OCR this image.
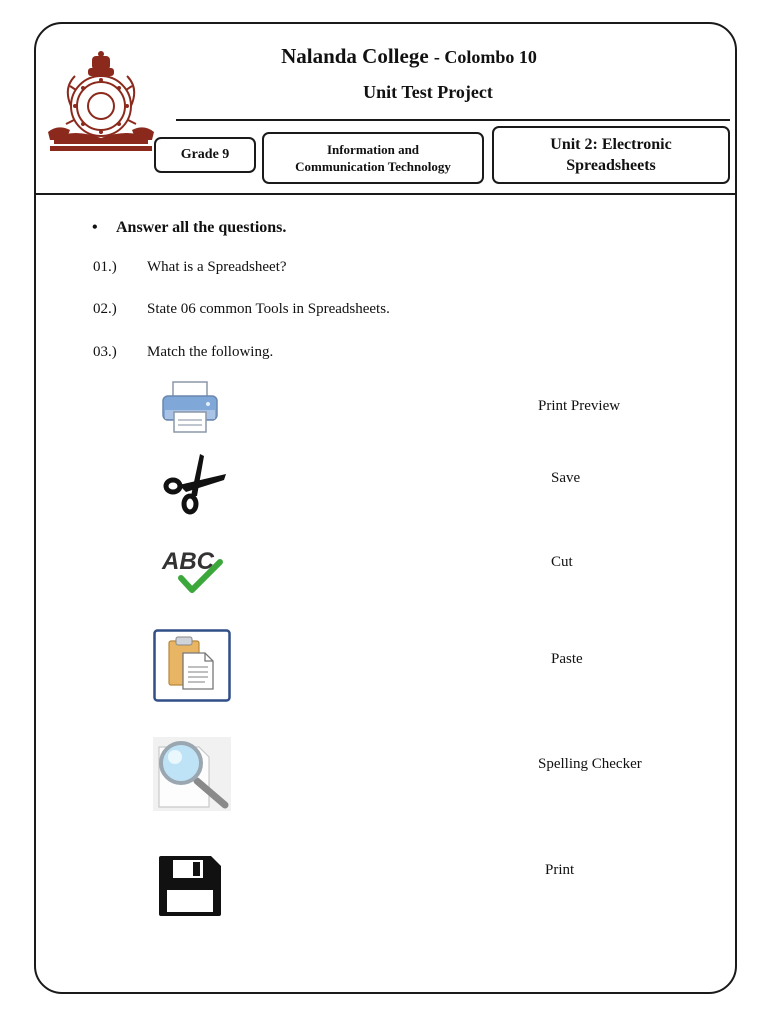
Nalanda College - Colombo 10
Unit Test Project
Grade 9	Information and
Communication Technology
Unit 2: Electronic
Spreadsheets
• Answer all the questions.
01.) What is a Spreadsheet?
02.) State 06 common Tools in Spreadsheets.
03.) Match the following.
ABC
Print Preview
Save
Cut
Paste
Spelling Checker
Print
